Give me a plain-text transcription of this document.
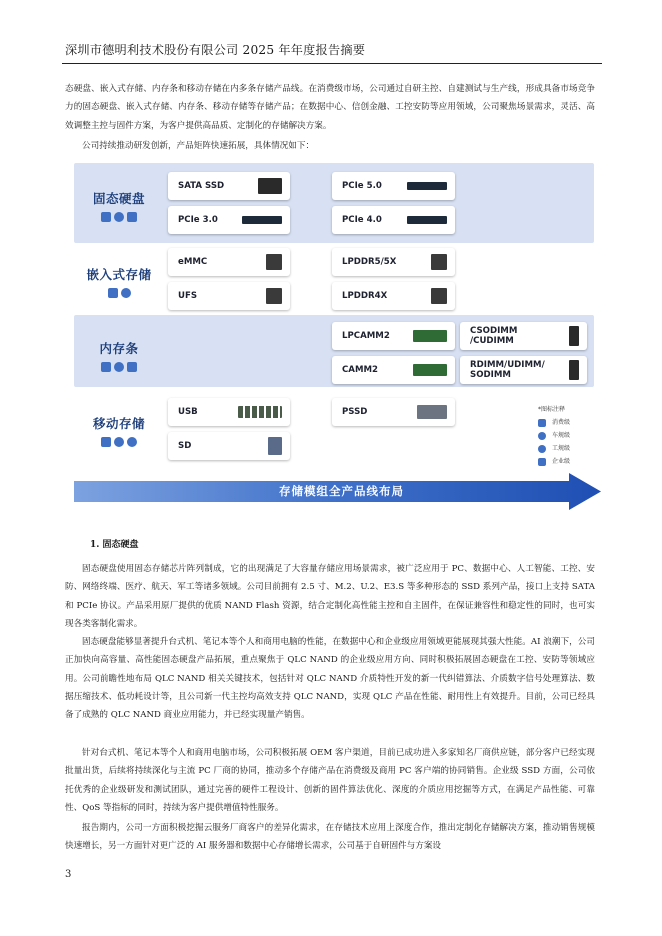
深圳市德明利技术股份有限公司 2025 年年度报告摘要

态硬盘、嵌入式存储、内存条和移动存储在内多条存储产品线。在消费级市场，公司通过自研主控、自建测试与生产线，形成具备市场竞争力的固态硬盘、嵌入式存储、内存条、移动存储等存储产品；在数据中心、信创金融、工控安防等应用领域，公司聚焦场景需求，灵活、高效调整主控与固件方案，为客户提供高品质、定制化的存储解决方案。

公司持续推动研发创新，产品矩阵快速拓展，具体情况如下：

固态硬盘
嵌入式存储
内存条
移动存储
SATA SSD
PCIe 3.0
PCIe 5.0
PCIe 4.0
eMMC
UFS
LPDDR5/5X
LPDDR4X
LPCAMM2
CAMM2
CSODIMM
/CUDIMM
RDIMM/UDIMM/
SODIMM
USB
SD
PSSD	*图标注释
消费级
车规级
工规级
企业级
存储模组全产品线布局
1. 固态硬盘

固态硬盘使用固态存储芯片阵列制成，它的出现满足了大容量存储应用场景需求，被广泛应用于 PC、数据中心、人工智能、工控、安防、网络终端、医疗、航天、军工等诸多领域。公司目前拥有 2.5 寸、M.2、U.2、E3.S 等多种形态的 SSD 系列产品，接口上支持 SATA 和 PCIe 协议。产品采用原厂提供的优质 NAND Flash 资源，结合定制化高性能主控和自主固件，在保证兼容性和稳定性的同时，也可实现各类客制化需求。

固态硬盘能够显著提升台式机、笔记本等个人和商用电脑的性能，在数据中心和企业级应用领域更能展现其强大性能。AI 浪潮下，公司正加快向高容量、高性能固态硬盘产品拓展，重点聚焦于 QLC NAND 的企业级应用方向、同时积极拓展固态硬盘在工控、安防等领域应用。公司前瞻性地布局 QLC NAND 相关关键技术，包括针对 QLC NAND 介质特性开发的新一代纠错算法、介质数字信号处理算法、数据压缩技术、低功耗设计等，且公司新一代主控均高效支持 QLC NAND，实现 QLC 产品在性能、耐用性上有效提升。目前，公司已经具备了成熟的 QLC NAND 商业应用能力，并已经实现量产销售。

针对台式机、笔记本等个人和商用电脑市场，公司积极拓展 OEM 客户渠道，目前已成功进入多家知名厂商供应链，部分客户已经实现批量出货，后续将持续深化与主流 PC 厂商的协同，推动多个存储产品在消费级及商用 PC 客户端的协同销售。企业级 SSD 方面，公司依托优秀的企业级研发和测试团队，通过完善的硬件工程设计、创新的固件算法优化、深度的介质应用挖掘等方式，在满足产品性能、可靠性、QoS 等指标的同时，持续为客户提供增值特性服务。

报告期内，公司一方面积极挖掘云服务厂商客户的差异化需求，在存储技术应用上深度合作，推出定制化存储解决方案，推动销售规模快速增长，另一方面针对更广泛的 AI 服务器和数据中心存储增长需求，公司基于自研固件与方案设

3
